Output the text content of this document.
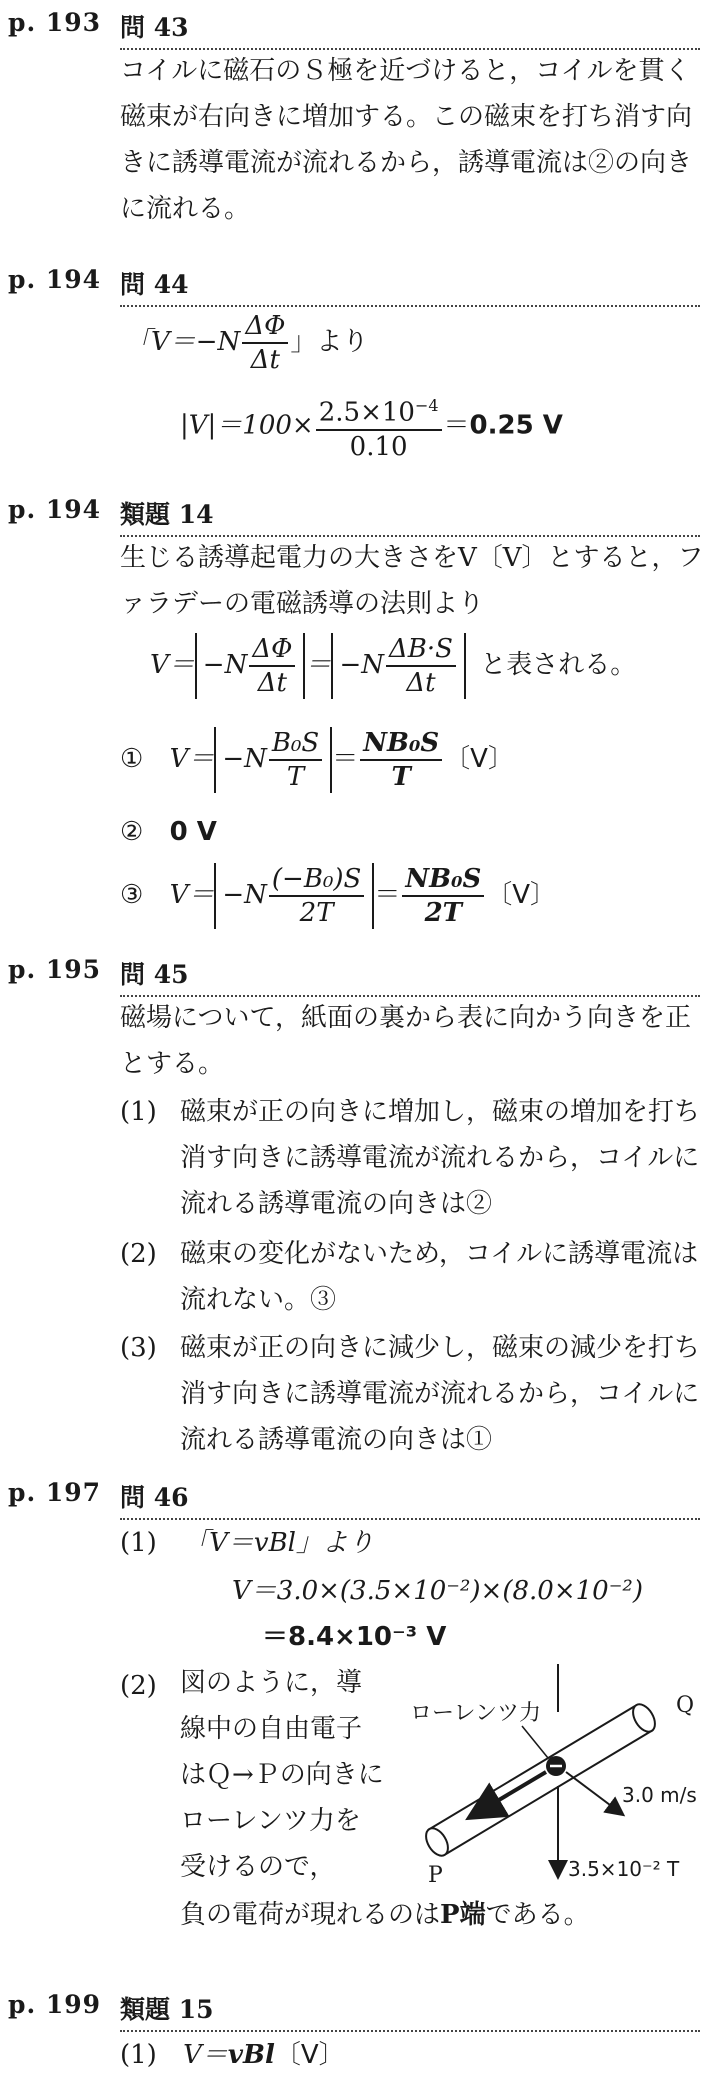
p. 193 問 43
コイルに磁石のＳ極を近づけると，コイルを貫く磁束が右向きに増加する。この磁束を打ち消す向きに誘導電流が流れるから，誘導電流は②の向きに流れる。
p. 194 問 44
「$V=-N \frac{\Delta\Phi}{\Delta t}$ 」より
$|V|=100\times \frac{2.5\times 10^{-4}}{0.10} =0.25$ V
p. 194 類題 14
生じる誘導起電力の大きさをV〔V〕とすると，ファラデーの電磁誘導の法則より
$V= -N \frac{\Delta\Phi}{\Delta t} = -N \frac{\Delta B\cdot S}{\Delta t}$ と表される。
① $V= -N \frac{\text{B₀S}}{T} = \frac{\text{NB₀S}}{T}$ 〔V〕
② 0 V
③ $V= -N \frac{\text{(−B₀)S}}{2T} = \frac{\text{NB₀S}}{2T}$ 〔V〕
p. 195 問 45
磁場について，紙面の裏から表に向かう向きを正とする。
(1) 磁束が正の向きに増加し，磁束の増加を打ち消す向きに誘導電流が流れるから，コイルに流れる誘導電流の向きは②
(2) 磁束の変化がないため，コイルに誘導電流は流れない。③
(3) 磁束が正の向きに減少し，磁束の減少を打ち消す向きに誘導電流が流れるから，コイルに流れる誘導電流の向きは①
p. 197 問 46
(1) 「V＝vBl」より
V＝3.0×(3.5×10⁻²)×(8.0×10⁻²)
＝8.4×10⁻³ V
(2) 図のように，導線中の自由電子はＱ→Ｐの向きにローレンツ力を受けるので，
負の電荷が現れるのはP端である。
ローレンツ力	Q
P
3.0 m/s
3.5×10⁻² T
p. 199 類題 15
(1) V＝vBl〔V〕
